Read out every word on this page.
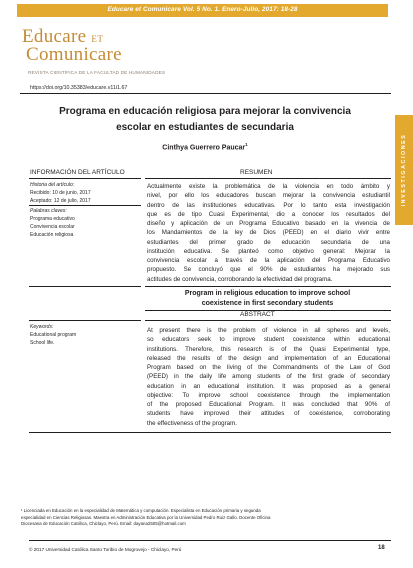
Educare et Comunicare Vol. 5 No. 1. Enero-Julio, 2017: 18-28
Educare ET
Comunicare
REVISTA CIENTÍFICA DE LA FACULTAD DE HUMANIDADES
https://doi.org/10.35383/educare.v11i1.67
Programa en educación religiosa para mejorar la convivencia
escolar en estudiantes de secundaria
Cinthya Guerrero Paucar$^1$	INVESTIGACIONES
INFORMACIÓN DEL ARTÍCULO	RESUMEN
Historia del artículo:
Recibido: 10 de junio, 2017
Aceptado: 12 de julio, 2017
Palabras claves:
Programa educativo
Convivencia escolar
Educación religiosa
Actualmente existe la problemática de la violencia en todo ámbito y
nivel, por ello los educadores buscan mejorar la convivencia estudiantil
dentro de las instituciones educativas. Por lo tanto esta investigación
que es de tipo Cuasi Experimental, dio a conocer los resultados del
diseño y aplicación de un Programa Educativo basado en la vivencia de
los Mandamientos de la ley de Dios (PEED) en el diario vivir entre
estudiantes del primer grado de educación secundaria de una
institución educativa. Se planteó como objetivo general: Mejorar la
convivencia escolar a través de la aplicación del Programa Educativo
propuesto. Se concluyó que el 90% de estudiantes ha mejorado sus
actitudes de convivencia, corroborando la efectividad del programa.
Program in religious education to improve school
coexistence in first secondary students
ABSTRACT
Keywords:
Educational program
School life.
At present there is the problem of violence in all spheres and levels,
so educators seek to improve student coexistence within educational
institutions. Therefore, this research is of the Quasi Experimental type,
released the results of the design and implementation of an Educational
Program based on the living of the Commandments of the Law of God
(PEED) in the daily life among students of the first grade of secondary
education in an educational institution. It was proposed as a general
objective: To improve school coexistence through the implementation
of the proposed Educational Program. It was concluded that 90% of
students have improved their attitudes of coexistence, corroborating
the effectiveness of the program.
¹ Licenciada en Educación en la especialidad de Matemática y computación. Especialista en Educación primaria y segunda
especialidad en Ciencias Religiosas. Maestra en Administración Educativa por la Universidad Pedro Ruiz Gallo. Docente Oficina
Diocesana de Educación Católica, Chiclayo, Perú. Email: dayana2505@hotmail.com
© 2017 Universidad Católica Santo Toribio de Mogrovejo - Chiclayo, Perú	18
